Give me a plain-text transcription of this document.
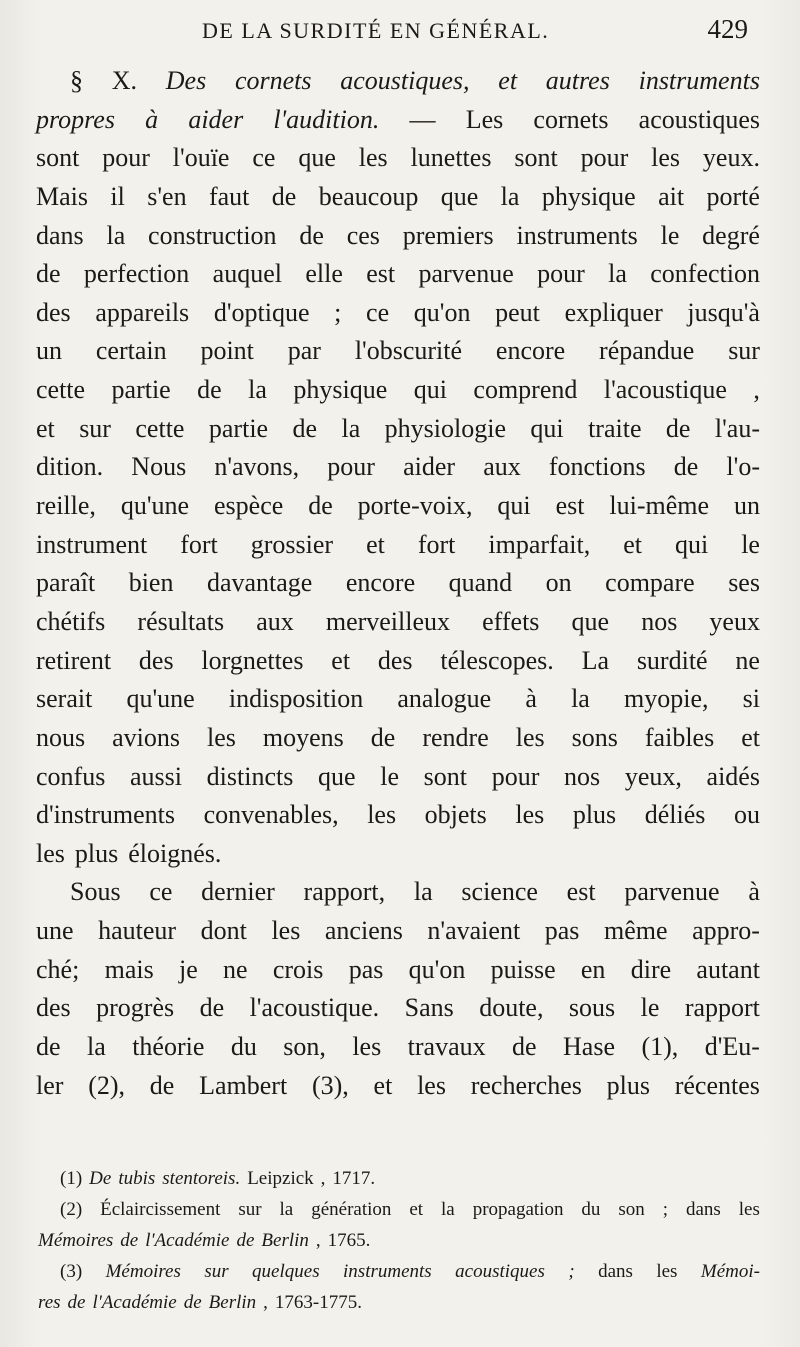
DE LA SURDITÉ EN GÉNÉRAL.	429
§ X. Des cornets acoustiques, et autres instruments
propres à aider l'audition. — Les cornets acoustiques
sont pour l'ouïe ce que les lunettes sont pour les yeux.
Mais il s'en faut de beaucoup que la physique ait porté
dans la construction de ces premiers instruments le degré
de perfection auquel elle est parvenue pour la confection
des appareils d'optique ; ce qu'on peut expliquer jusqu'à
un certain point par l'obscurité encore répandue sur
cette partie de la physique qui comprend l'acoustique ,
et sur cette partie de la physiologie qui traite de l'au-
dition. Nous n'avons, pour aider aux fonctions de l'o-
reille, qu'une espèce de porte-voix, qui est lui-même un
instrument fort grossier et fort imparfait, et qui le
paraît bien davantage encore quand on compare ses
chétifs résultats aux merveilleux effets que nos yeux
retirent des lorgnettes et des télescopes. La surdité ne
serait qu'une indisposition analogue à la myopie, si
nous avions les moyens de rendre les sons faibles et
confus aussi distincts que le sont pour nos yeux, aidés
d'instruments convenables, les objets les plus déliés ou
les plus éloignés.
Sous ce dernier rapport, la science est parvenue à
une hauteur dont les anciens n'avaient pas même appro-
ché; mais je ne crois pas qu'on puisse en dire autant
des progrès de l'acoustique. Sans doute, sous le rapport
de la théorie du son, les travaux de Hase (1), d'Eu-
ler (2), de Lambert (3), et les recherches plus récentes
(1) De tubis stentoreis. Leipzick , 1717.
(2) Éclaircissement sur la génération et la propagation du son ; dans les
Mémoires de l'Académie de Berlin , 1765.
(3) Mémoires sur quelques instruments acoustiques ; dans les Mémoi-
res de l'Académie de Berlin , 1763-1775.
